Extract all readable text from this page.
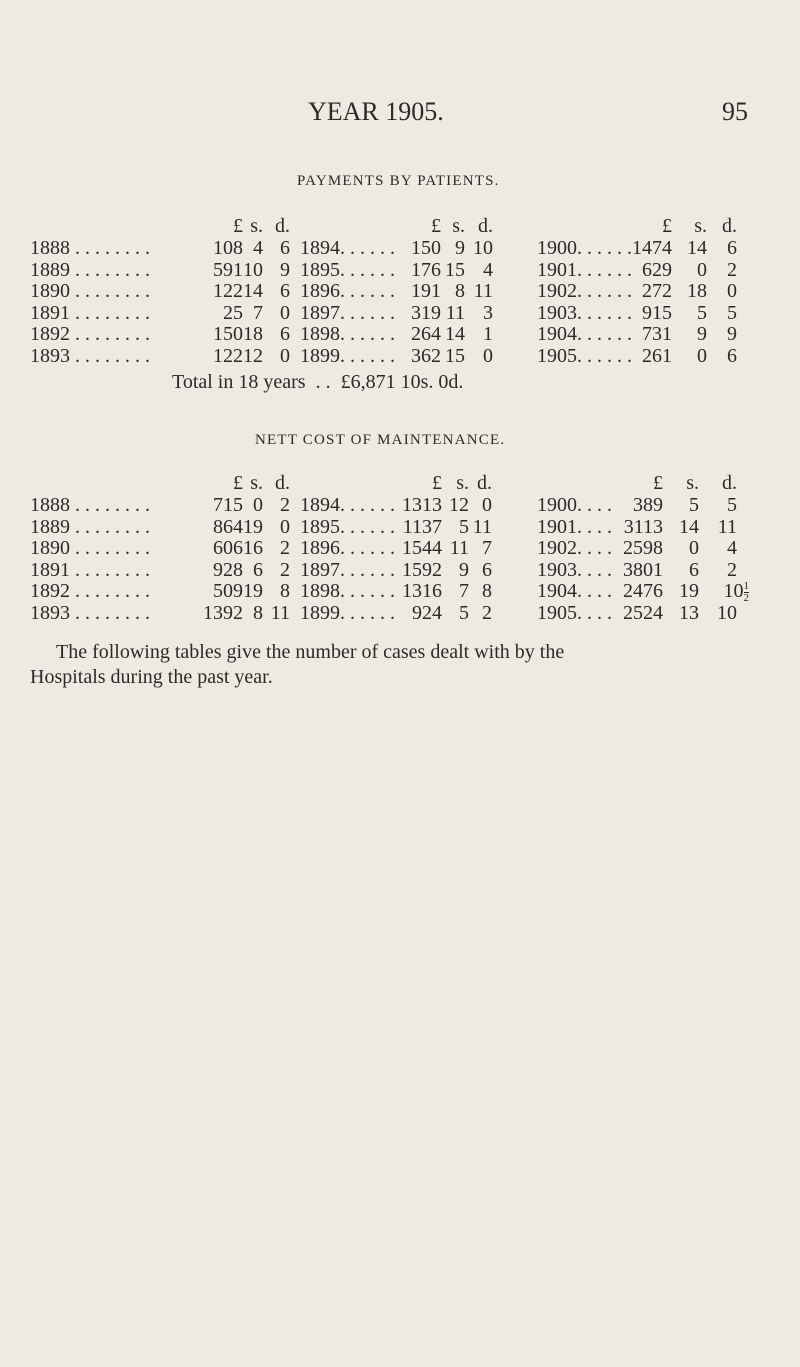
YEAR 1905.	95
PAYMENTS BY PATIENTS.
£ s. d.
1888 . . . . . . . .	108 4 6
1889 . . . . . . . .	591 10 9
1890 . . . . . . . .	122 14 6
1891 . . . . . . . .	25 7 0
1892 . . . . . . . .	150 18 6
1893 . . . . . . . .	122 12 0
£ s. d.
1894. . . . . . 150 9 10
1895. . . . . . 176 15 4
1896. . . . . . 191 8 11
1897. . . . . . 319 11 3
1898. . . . . . 264 14 1
1899. . . . . . 362 15 0
£	s. d.
1900. . . . . . 1474 14	6
1901. . . . . . 629	0	2
1902. . . . . . 272 18	0
1903. . . . . . 915	5	5
1904. . . . . . 731	9	9
1905. . . . . . 261	0	6
Total in 18 years  . .  £6,871 10s. 0d.
NETT COST OF MAINTENANCE.
£ s. d.
1888 . . . . . . . .	715 0 2
1889 . . . . . . . .	864 19 0
1890 . . . . . . . .	606 16 2
1891 . . . . . . . .	928 6 2
1892 . . . . . . . .	509 19 8
1893 . . . . . . . .	1392 8 11
£ s. d.
1894. . . . . . 1313 12 0
1895. . . . . . 1137 5 11
1896. . . . . . 1544 11 7
1897. . . . . . 1592 9 6
1898. . . . . . 1316 7 8
1899. . . . . . 924 5 2
£	s.	d.
1900. . . .	389	5	5
1901. . . . 3113 14 11
1902. . . . 2598	0	4
1903. . . . 3801	6	2
1904. . . . 2476 19	$10 \frac{1}{2}$
1905. . . . 2524 13 10
The following tables give the number of cases dealt with by the
Hospitals during the past year.
